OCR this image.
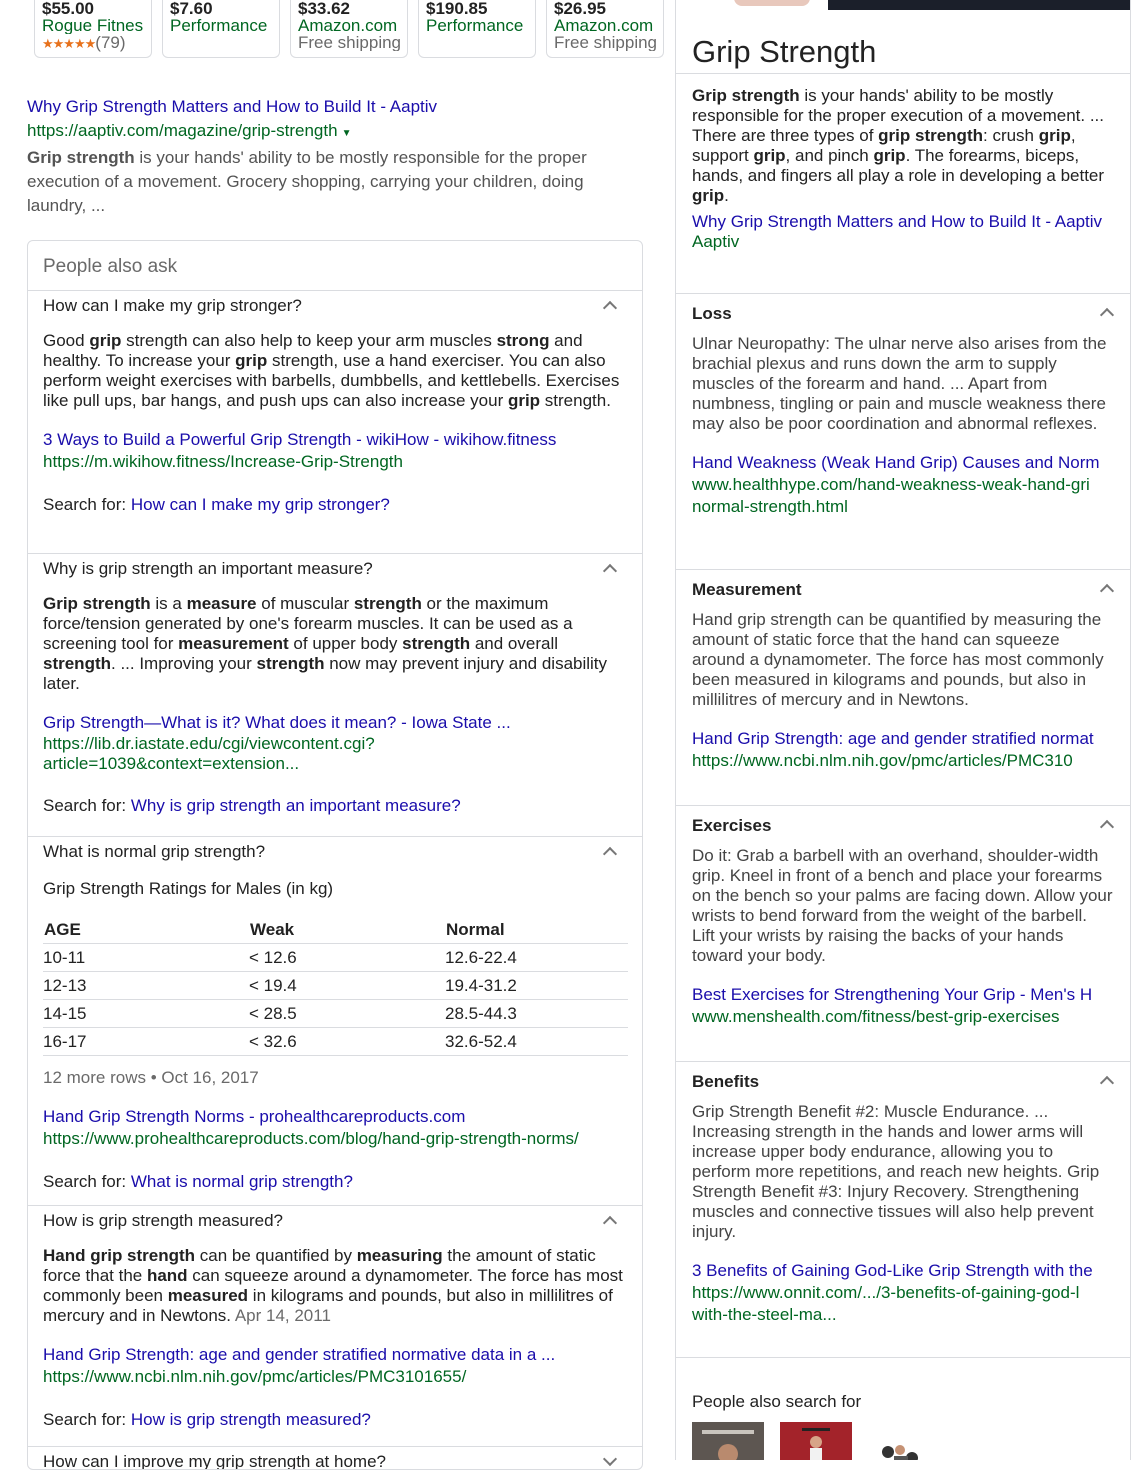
$55.00
Rogue Fitnes
★★★★★(79)
$7.60
Performance
$33.62
Amazon.com
Free shipping
$190.85
Performance
$26.95
Amazon.com
Free shipping
Why Grip Strength Matters and How to Build It - Aaptiv
https://aaptiv.com/magazine/grip-strength ▼
Grip strength is your hands' ability to be mostly responsible for the proper execution of a movement. Grocery shopping, carrying your children, doing laundry, ...
People also ask
How can I make my grip stronger?

Good grip strength can also help to keep your arm muscles strong and healthy. To increase your grip strength, use a hand exerciser. You can also perform weight exercises with barbells, dumbbells, and kettlebells. Exercises like pull ups, bar hangs, and push ups can also increase your grip strength.

3 Ways to Build a Powerful Grip Strength - wikiHow - wikihow.fitness
https://m.wikihow.fitness/Increase-Grip-Strength
Search for: How can I make my grip stronger?
Why is grip strength an important measure?

Grip strength is a measure of muscular strength or the maximum force/tension generated by one's forearm muscles. It can be used as a screening tool for measurement of upper body strength and overall strength. ... Improving your strength now may prevent injury and disability later.

Grip Strength—What is it? What does it mean? - Iowa State ...
https://lib.dr.iastate.edu/cgi/viewcontent.cgi?article=1039&context=extension...
Search for: Why is grip strength an important measure?
What is normal grip strength?
Grip Strength Ratings for Males (in kg)
AGE	Weak	Normal
10-11	< 12.6	12.6-22.4
12-13	< 19.4	19.4-31.2
14-15	< 28.5	28.5-44.3
16-17	< 32.6	32.6-52.4
12 more rows • Oct 16, 2017
Hand Grip Strength Norms - prohealthcareproducts.com
https://www.prohealthcareproducts.com/blog/hand-grip-strength-norms/
Search for: What is normal grip strength?
How is grip strength measured?

Hand grip strength can be quantified by measuring the amount of static force that the hand can squeeze around a dynamometer. The force has most commonly been measured in kilograms and pounds, but also in millilitres of mercury and in Newtons. Apr 14, 2011

Hand Grip Strength: age and gender stratified normative data in a ...
https://www.ncbi.nlm.nih.gov/pmc/articles/PMC3101655/
Search for: How is grip strength measured?
How can I improve my grip strength at home?
Grip Strength
Grip strength is your hands' ability to be mostly responsible for the proper execution of a movement. ... There are three types of grip strength: crush grip, support grip, and pinch grip. The forearms, biceps, hands, and fingers all play a role in developing a better grip.
Why Grip Strength Matters and How to Build It - Aaptiv
Aaptiv
Loss
Ulnar Neuropathy: The ulnar nerve also arises from the brachial plexus and runs down the arm to supply muscles of the forearm and hand. ... Apart from numbness, tingling or pain and muscle weakness there may also be poor coordination and abnormal reflexes.
Hand Weakness (Weak Hand Grip) Causes and Norm
www.healthhype.com/hand-weakness-weak-hand-gri
normal-strength.html
Measurement
Hand grip strength can be quantified by measuring the amount of static force that the hand can squeeze around a dynamometer. The force has most commonly been measured in kilograms and pounds, but also in millilitres of mercury and in Newtons.
Hand Grip Strength: age and gender stratified normat
https://www.ncbi.nlm.nih.gov/pmc/articles/PMC310
Exercises
Do it: Grab a barbell with an overhand, shoulder-width grip. Kneel in front of a bench and place your forearms on the bench so your palms are facing down. Allow your wrists to bend forward from the weight of the barbell. Lift your wrists by raising the backs of your hands toward your body.
Best Exercises for Strengthening Your Grip - Men's H
www.menshealth.com/fitness/best-grip-exercises
Benefits
Grip Strength Benefit #2: Muscle Endurance. ... Increasing strength in the hands and lower arms will increase upper body endurance, allowing you to perform more repetitions, and reach new heights. Grip Strength Benefit #3: Injury Recovery. Strengthening muscles and connective tissues will also help prevent injury.
3 Benefits of Gaining God-Like Grip Strength with the
https://www.onnit.com/.../3-benefits-of-gaining-god-l
with-the-steel-ma...
People also search for
